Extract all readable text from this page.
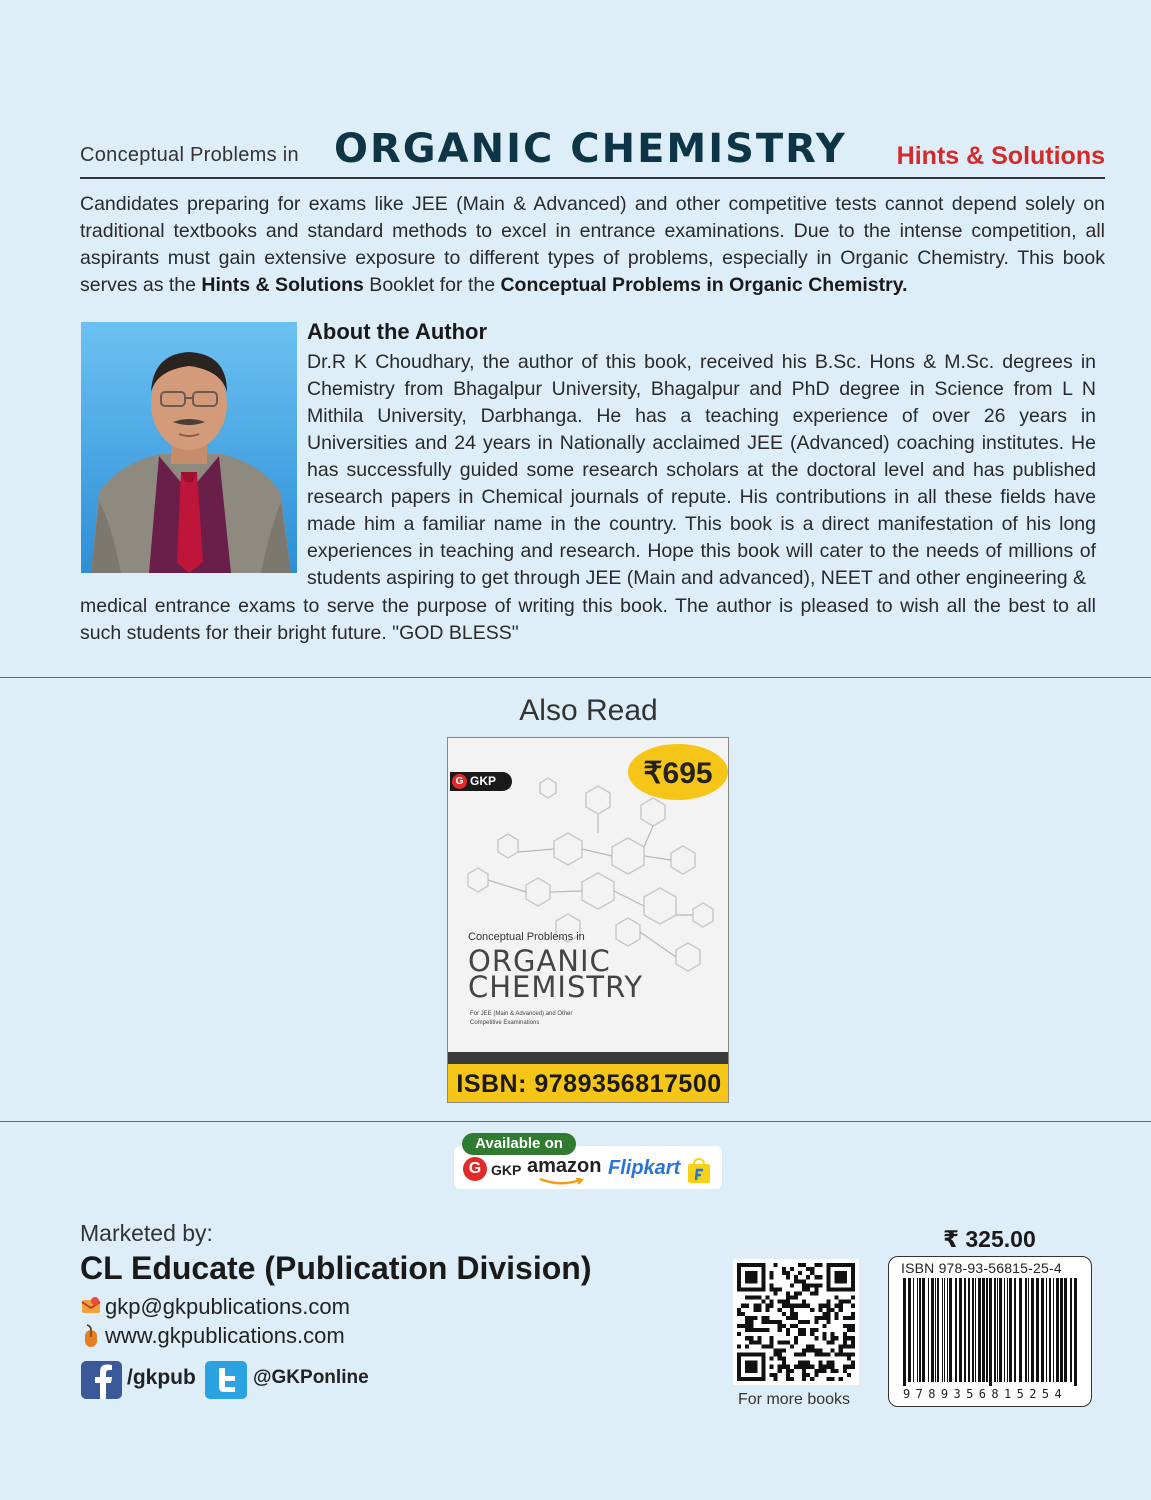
Conceptual Problems in ORGANIC CHEMISTRY Hints & Solutions

Candidates preparing for exams like JEE (Main & Advanced) and other competitive tests cannot depend solely on traditional textbooks and standard methods to excel in entrance examinations. Due to the intense competition, all aspirants must gain extensive exposure to different types of problems, especially in Organic Chemistry. This book serves as the Hints & Solutions Booklet for the Conceptual Problems in Organic Chemistry.

About the Author

Dr.R K Choudhary, the author of this book, received his B.Sc. Hons & M.Sc. degrees in Chemistry from Bhagalpur University, Bhagalpur and PhD degree in Science from L N Mithila University, Darbhanga. He has a teaching experience of over 26 years in Universities and 24 years in Nationally acclaimed JEE (Advanced) coaching institutes. He has successfully guided some research scholars at the doctoral level and has published research papers in Chemical journals of repute. His contributions in all these fields have made him a familiar name in the country. This book is a direct manifestation of his long experiences in teaching and research. Hope this book will cater to the needs of millions of students aspiring to get through JEE (Main and advanced), NEET and other engineering &

medical entrance exams to serve the purpose of writing this book. The author is pleased to wish all the best to all such students for their bright future. "GOD BLESS"

Also Read
₹695
G GKP
Conceptual Problems in
ORGANIC
CHEMISTRY
For JEE (Main & Advanced) and Other Competitive Examinations
ISBN: 9789356817500
G GKP amazon Flipkart
Available on
Marketed by:
CL Educate (Publication Division)
gkp@gkpublications.com
www.gkpublications.com
/gkpub	@GKPonline
For more books
₹ 325.00
ISBN 978-93-56815-25-4
9789356815254
